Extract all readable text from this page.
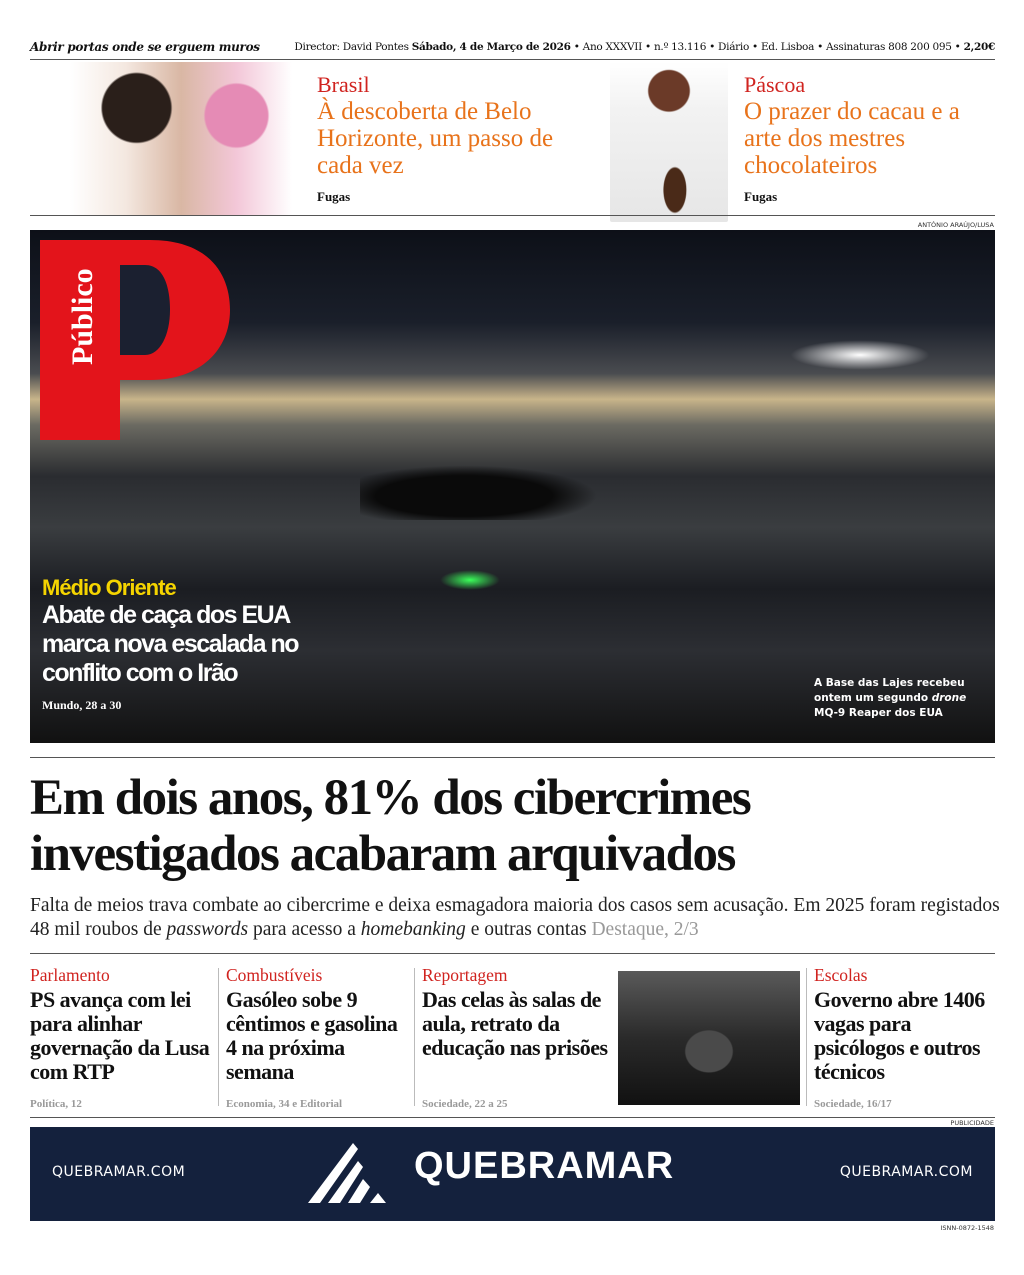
Abrir portas onde se erguem muros	Director: David Pontes Sábado, 4 de Março de 2026 • Ano XXXVII • n.º 13.116 • Diário • Ed. Lisboa • Assinaturas 808 200 095 • 2,20€
Brasil
À descoberta de Belo Horizonte, um passo de cada vez
Fugas
Páscoa
O prazer do cacau e a arte dos mestres chocolateiros
Fugas
ANTÓNIO ARAÚJO/LUSA
Médio Oriente
Abate de caça dos EUA marca nova escalada no conflito com o Irão
Mundo, 28 a 30
A Base das Lajes recebeu ontem um segundo drone MQ-9 Reaper dos EUA
Público
Em dois anos, 81% dos cibercrimes investigados acabaram arquivados
Falta de meios trava combate ao cibercrime e deixa esmagadora maioria dos casos sem acusação. Em 2025 foram registados 48 mil roubos de passwords para acesso a homebanking e outras contas Destaque, 2/3
Parlamento
PS avança com lei para alinhar governação da Lusa com RTP
Política, 12
Combustíveis
Gasóleo sobe 9 cêntimos e gasolina 4 na próxima semana
Economia, 34 e Editorial
Reportagem
Das celas às salas de aula, retrato da educação nas prisões
Sociedade, 22 a 25
Escolas
Governo abre 1406 vagas para psicólogos e outros técnicos
Sociedade, 16/17
PUBLICIDADE
QUEBRAMAR.COM	QUEBRAMAR	QUEBRAMAR.COM
ISNN-0872-1548
